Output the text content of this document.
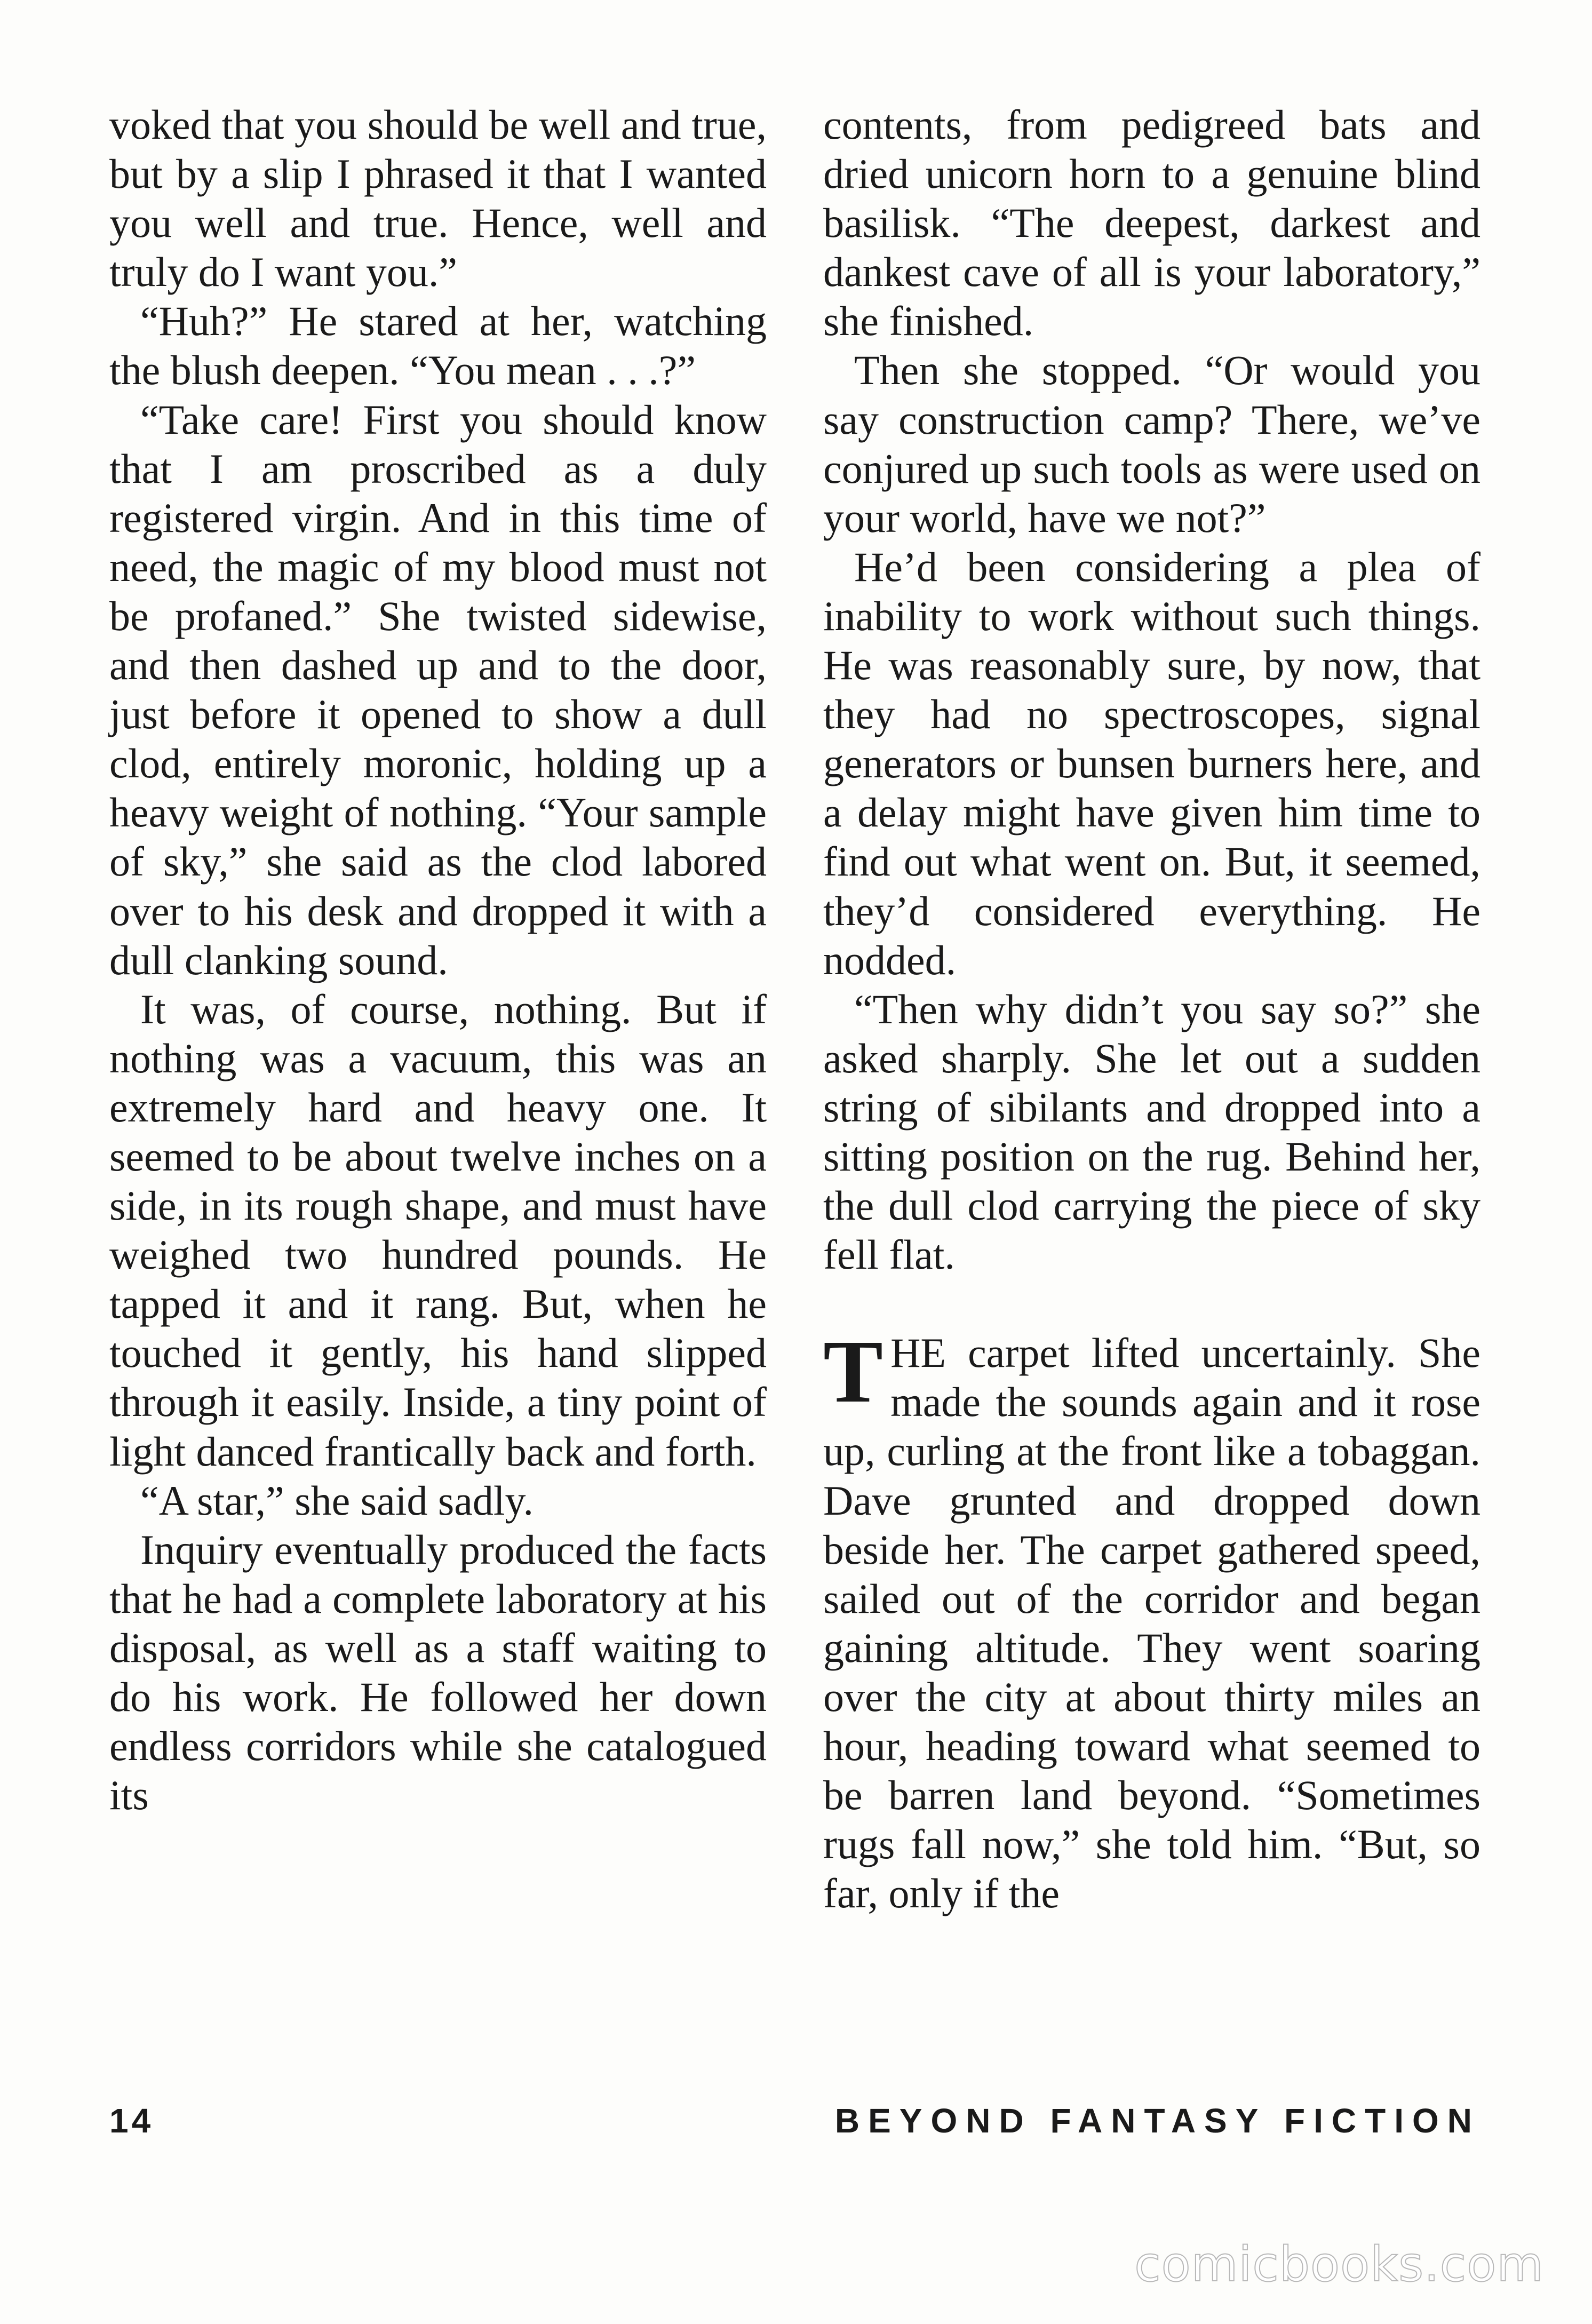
voked that you should be well and true, but by a slip I phrased it that I wanted you well and true. Hence, well and truly do I want you.”

“Huh?” He stared at her, watching the blush deepen. “You mean . . .?”

“Take care! First you should know that I am proscribed as a duly registered virgin. And in this time of need, the magic of my blood must not be profaned.” She twisted sidewise, and then dashed up and to the door, just before it opened to show a dull clod, entirely moronic, holding up a heavy weight of nothing. “Your sample of sky,” she said as the clod labored over to his desk and dropped it with a dull clanking sound.

It was, of course, nothing. But if nothing was a vacuum, this was an extremely hard and heavy one. It seemed to be about twelve inches on a side, in its rough shape, and must have weighed two hundred pounds. He tapped it and it rang. But, when he touched it gently, his hand slipped through it easily. Inside, a tiny point of light danced frantically back and forth.

“A star,” she said sadly.

Inquiry eventually produced the facts that he had a complete laboratory at his disposal, as well as a staff waiting to do his work. He followed her down endless corridors while she catalogued its

contents, from pedigreed bats and dried unicorn horn to a genuine blind basilisk. “The deepest, darkest and dankest cave of all is your laboratory,” she finished.

Then she stopped. “Or would you say construction camp? There, we’ve conjured up such tools as were used on your world, have we not?”

He’d been considering a plea of inability to work without such things. He was reasonably sure, by now, that they had no spectroscopes, signal generators or bunsen burners here, and a delay might have given him time to find out what went on. But, it seemed, they’d considered everything. He nodded.

“Then why didn’t you say so?” she asked sharply. She let out a sudden string of sibilants and dropped into a sitting position on the rug. Behind her, the dull clod carrying the piece of sky fell flat.

THE carpet lifted uncertainly. She made the sounds again and it rose up, curling at the front like a tobaggan. Dave grunted and dropped down beside her. The carpet gathered speed, sailed out of the corridor and began gaining altitude. They went soaring over the city at about thirty miles an hour, heading toward what seemed to be barren land beyond. “Sometimes rugs fall now,” she told him. “But, so far, only if the

14	BEYOND FANTASY FICTION
comicbooks.com
